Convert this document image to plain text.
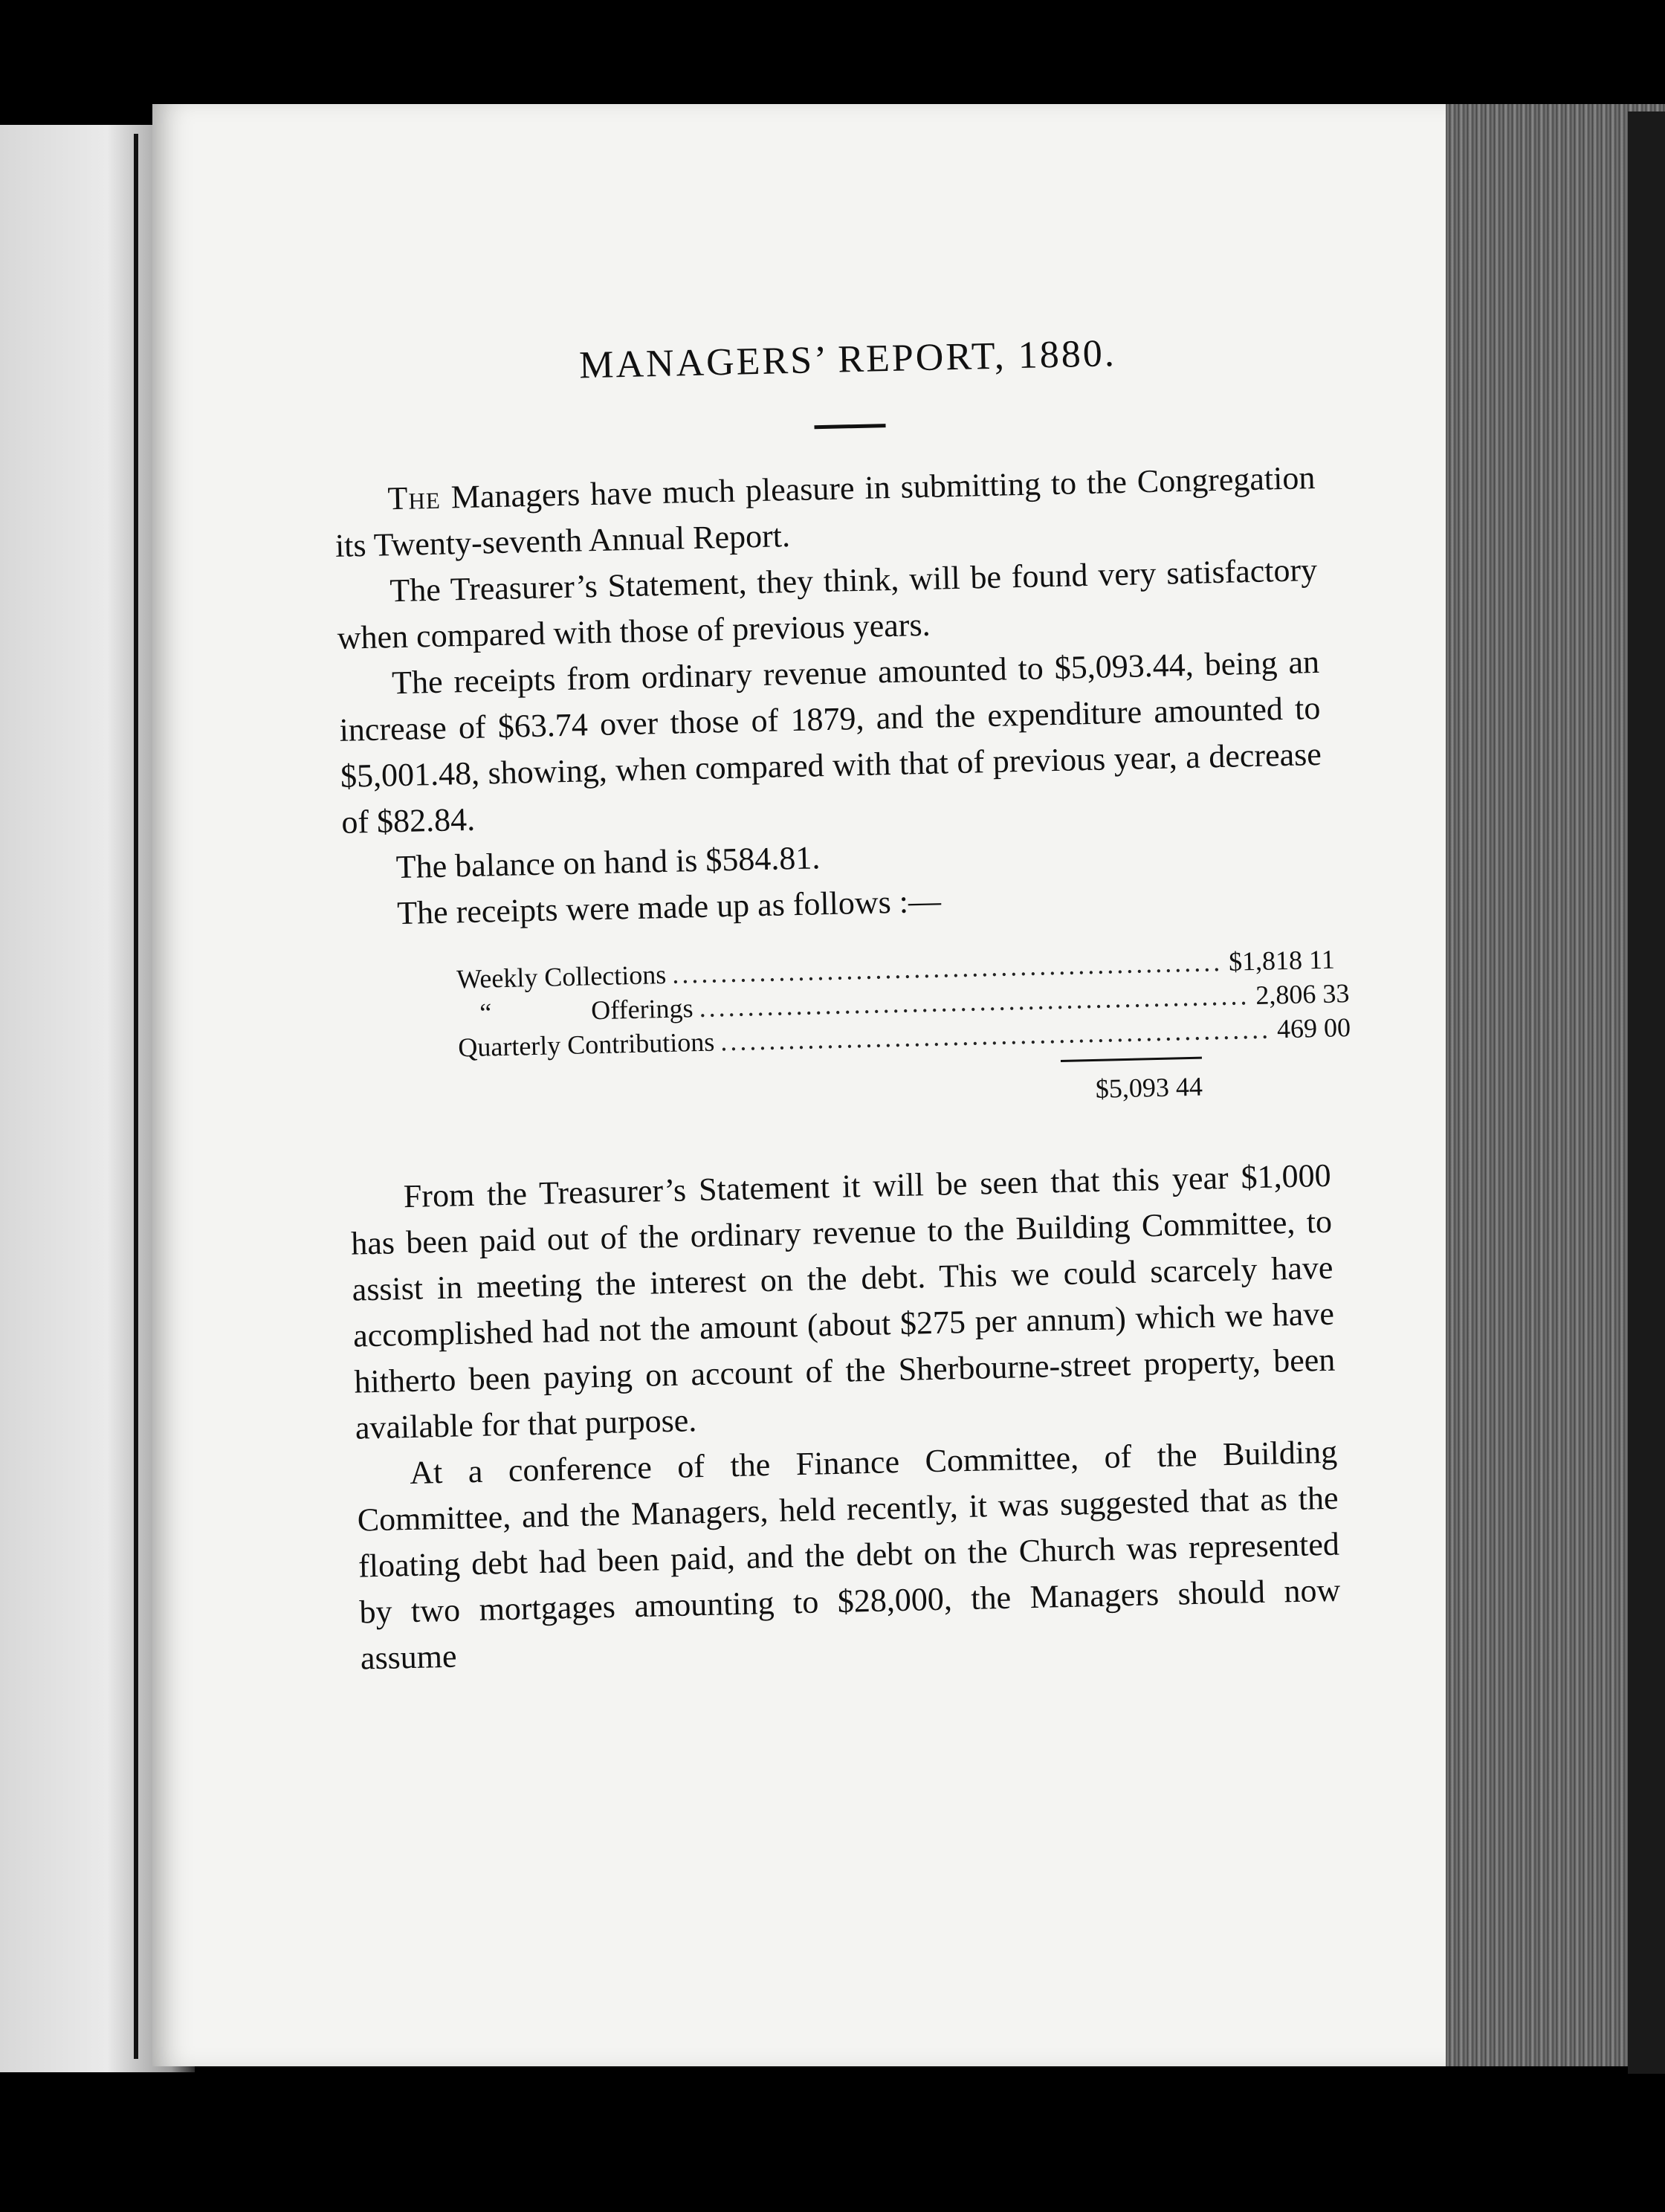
MANAGERS’ REPORT, 1880.

The Managers have much pleasure in submitting to the Congregation its Twenty-seventh Annual Report.

The Treasurer’s Statement, they think, will be found very satisfactory when compared with those of previous years.

The receipts from ordinary revenue amounted to $5,093.44, being an increase of $63.74 over those of 1879, and the expenditure amounted to $5,001.48, showing, when compared with that of previous year, a decrease of $82.84.

The balance on hand is $584.81.

The receipts were made up as follows :—

Weekly Collections ......................................................... $1,818 11
“	Offerings ......................................................... 2,806 33
Quarterly Contributions ......................................................... 469 00
$5,093 44

From the Treasurer’s Statement it will be seen that this year $1,000 has been paid out of the ordinary revenue to the Building Committee, to assist in meeting the interest on the debt. This we could scarcely have accomplished had not the amount (about $275 per annum) which we have hitherto been paying on account of the Sherbourne-street property, been available for that purpose.

At a conference of the Finance Committee, of the Building Committee, and the Managers, held recently, it was suggested that as the floating debt had been paid, and the debt on the Church was represented by two mortgages amounting to $28,000, the Managers should now assume
